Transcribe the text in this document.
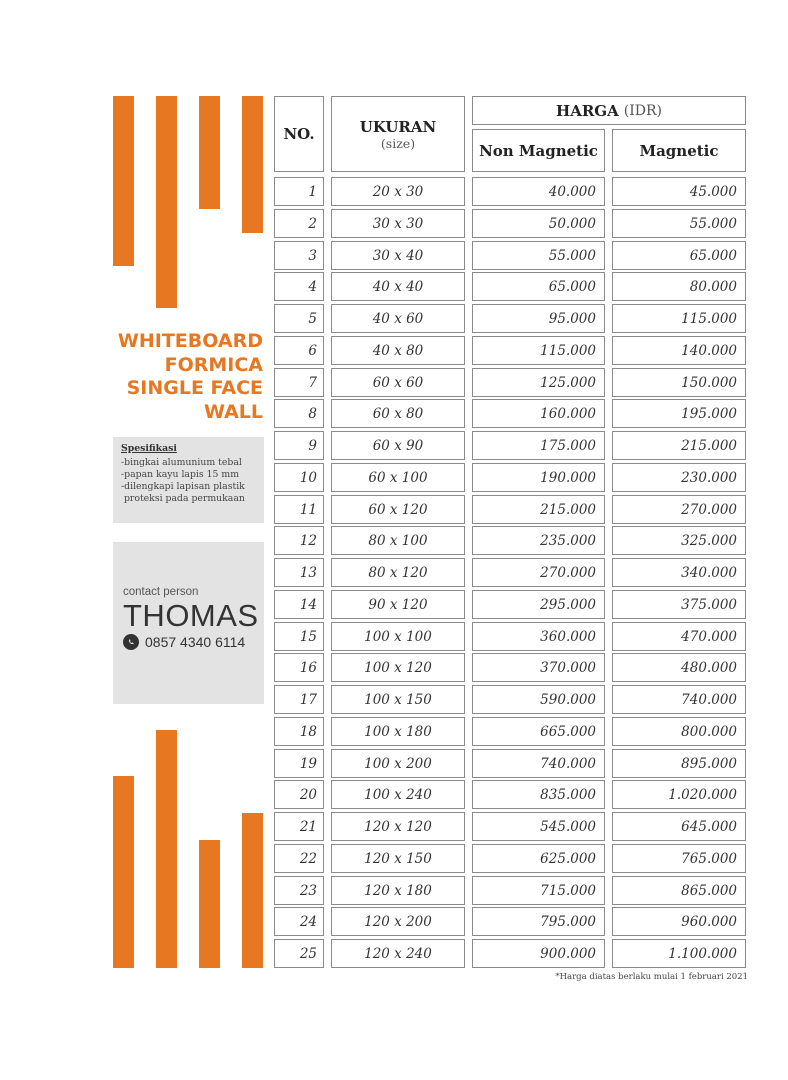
WHITEBOARD
FORMICA
SINGLE FACE
WALL
Spesifikasi
-bingkai alumunium tebal
-papan kayu lapis 15 mm
-dilengkapi lapisan plastik
proteksi pada permukaan
contact person
THOMAS
0857 4340 6114
NO.	UKURAN
(size)
HARGA (IDR)
Non Magnetic	Magnetic
1	20 x 30	40.000	45.000
2	30 x 30	50.000	55.000
3	30 x 40	55.000	65.000
4	40 x 40	65.000	80.000
5	40 x 60	95.000	115.000
6	40 x 80	115.000	140.000
7	60 x 60	125.000	150.000
8	60 x 80	160.000	195.000
9	60 x 90	175.000	215.000
10	60 x 100	190.000	230.000
11	60 x 120	215.000	270.000
12	80 x 100	235.000	325.000
13	80 x 120	270.000	340.000
14	90 x 120	295.000	375.000
15	100 x 100	360.000	470.000
16	100 x 120	370.000	480.000
17	100 x 150	590.000	740.000
18	100 x 180	665.000	800.000
19	100 x 200	740.000	895.000
20	100 x 240	835.000	1.020.000
21	120 x 120	545.000	645.000
22	120 x 150	625.000	765.000
23	120 x 180	715.000	865.000
24	120 x 200	795.000	960.000
25	120 x 240	900.000	1.100.000
*Harga diatas berlaku mulai 1 februari 2021
